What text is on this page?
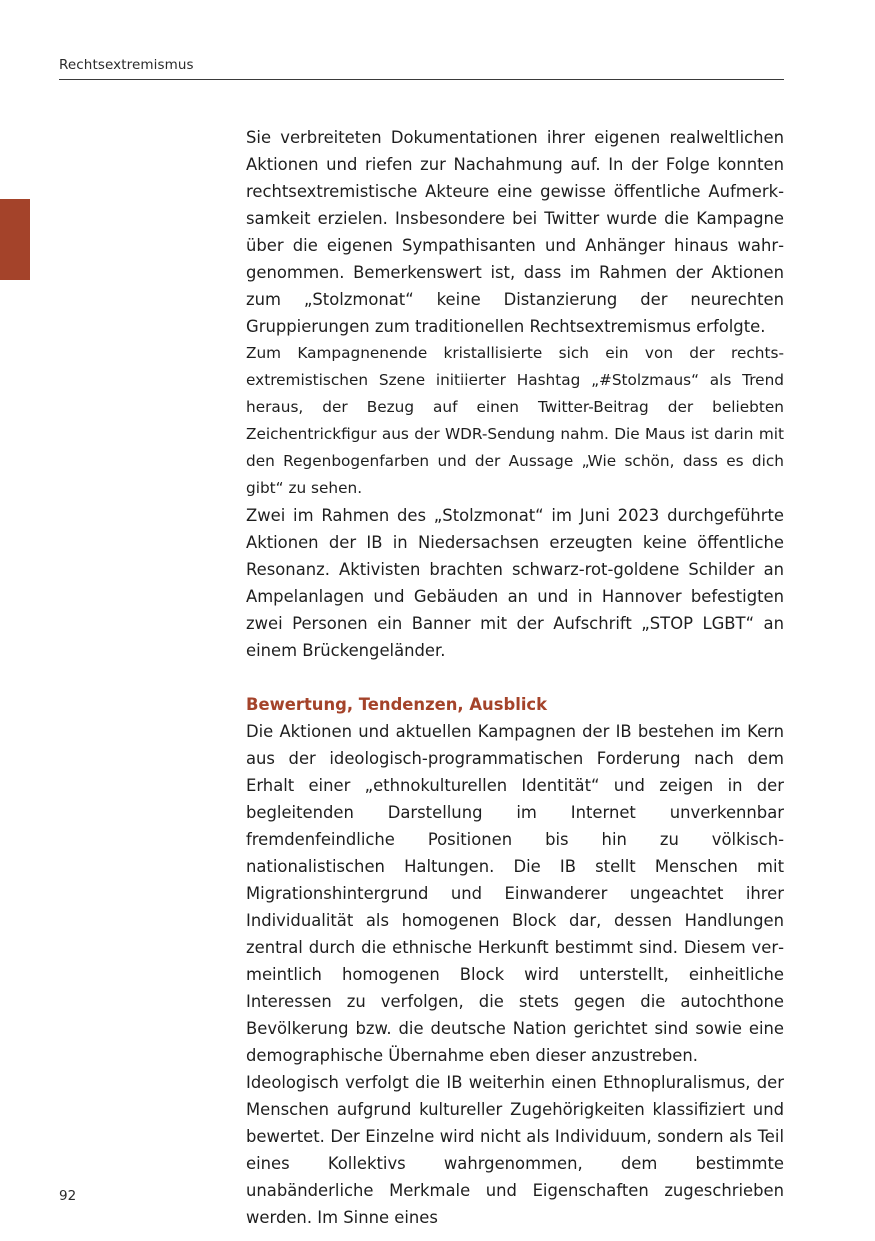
Rechtsextremismus

Sie verbreiteten Dokumentationen ihrer eigenen realweltlichen Aktionen und riefen zur Nachahmung auf. In der Folge konnten rechtsextremistische Akteure eine gewisse öffentliche Aufmerksamkeit erzielen. Insbesondere bei Twitter wurde die Kampagne über die eigenen Sympathisanten und Anhänger hinaus wahrgenommen. Bemerkenswert ist, dass im Rahmen der Aktionen zum „Stolzmonat“ keine Distanzierung der neurechten Gruppierungen zum traditionellen Rechtsextremismus erfolgte.

Zum Kampagnenende kristallisierte sich ein von der rechtsextremistischen Szene initiierter Hashtag „#Stolzmaus“ als Trend heraus, der Bezug auf einen Twitter-Beitrag der beliebten Zeichentrickfigur aus der WDR-Sendung nahm. Die Maus ist darin mit den Regenbogenfarben und der Aussage „Wie schön, dass es dich gibt“ zu sehen.

Zwei im Rahmen des „Stolzmonat“ im Juni 2023 durchgeführte Aktionen der IB in Niedersachsen erzeugten keine öffentliche Resonanz. Aktivisten brachten schwarz-rot-goldene Schilder an Ampelanlagen und Gebäuden an und in Hannover befestigten zwei Personen ein Banner mit der Aufschrift „STOP LGBT“ an einem Brückengeländer.

Bewertung, Tendenzen, Ausblick

Die Aktionen und aktuellen Kampagnen der IB bestehen im Kern aus der ideologisch-programmatischen Forderung nach dem Erhalt einer „ethnokulturellen Identität“ und zeigen in der begleitenden Darstellung im Internet unverkennbar fremdenfeindliche Positionen bis hin zu völkisch-nationalistischen Haltungen. Die IB stellt Menschen mit Migrationshintergrund und Einwanderer ungeachtet ihrer Individualität als homogenen Block dar, dessen Handlungen zentral durch die ethnische Herkunft bestimmt sind. Diesem vermeintlich homogenen Block wird unterstellt, einheitliche Interessen zu verfolgen, die stets gegen die autochthone Bevölkerung bzw. die deutsche Nation gerichtet sind sowie eine demographische Übernahme eben dieser anzustreben.

Ideologisch verfolgt die IB weiterhin einen Ethnopluralismus, der Menschen aufgrund kultureller Zugehörigkeiten klassifiziert und bewertet. Der Einzelne wird nicht als Individuum, sondern als Teil eines Kollektivs wahrgenommen, dem bestimmte unabänderliche Merkmale und Eigenschaften zugeschrieben werden. Im Sinne eines

92
